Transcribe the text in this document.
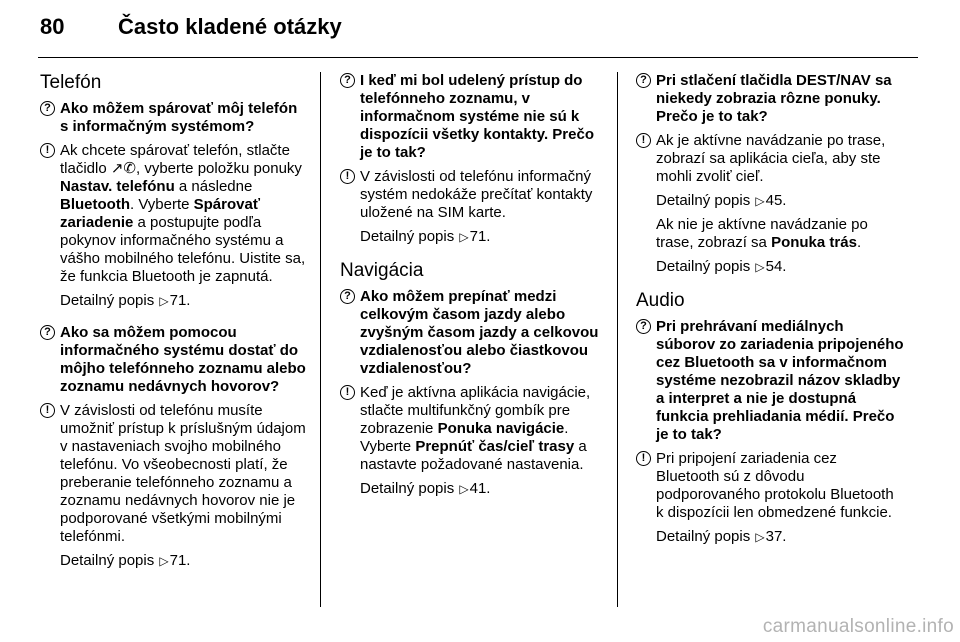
80 Často kladené otázky
Telefón
? Ako môžem spárovať môj telefón s informačným systémom?
! Ak chcete spárovať telefón, stlačte tlačidlo ↗✆, vyberte položku ponuky Nastav. telefónu a následne Bluetooth. Vyberte Spárovať zariadenie a postupujte podľa pokynov informačného systému a vášho mobilného telefónu. Uistite sa, že funkcia Bluetooth je zapnutá.
Detailný popis ▷71.
? Ako sa môžem pomocou informačného systému dostať do môjho telefónneho zoznamu alebo zoznamu nedávnych hovorov?
! V závislosti od telefónu musíte umožniť prístup k príslušným údajom v nastaveniach svojho mobilného telefónu. Vo všeobecnosti platí, že preberanie telefónneho zoznamu a zoznamu nedávnych hovorov nie je podporované všetkými mobilnými telefónmi.
Detailný popis ▷71.
? I keď mi bol udelený prístup do telefónneho zoznamu, v informačnom systéme nie sú k dispozícii všetky kontakty. Prečo je to tak?
! V závislosti od telefónu informačný systém nedokáže prečítať kontakty uložené na SIM karte.
Detailný popis ▷71.
Navigácia
? Ako môžem prepínať medzi celkovým časom jazdy alebo zvyšným časom jazdy a celkovou vzdialenosťou alebo čiastkovou vzdialenosťou?
! Keď je aktívna aplikácia navigácie, stlačte multifunkčný gombík pre zobrazenie Ponuka navigácie. Vyberte Prepnúť čas/cieľ trasy a nastavte požadované nastavenia.
Detailný popis ▷41.
? Pri stlačení tlačidla DEST/NAV sa niekedy zobrazia rôzne ponuky. Prečo je to tak?
! Ak je aktívne navádzanie po trase, zobrazí sa aplikácia cieľa, aby ste mohli zvoliť cieľ.
Detailný popis ▷45.
Ak nie je aktívne navádzanie po trase, zobrazí sa Ponuka trás.
Detailný popis ▷54.
Audio
? Pri prehrávaní mediálnych súborov zo zariadenia pripojeného cez Bluetooth sa v informačnom systéme nezobrazil názov skladby a interpret a nie je dostupná funkcia prehliadania médií. Prečo je to tak?
! Pri pripojení zariadenia cez Bluetooth sú z dôvodu podporovaného protokolu Bluetooth k dispozícii len obmedzené funkcie.
Detailný popis ▷37.
carmanualsonline.info
